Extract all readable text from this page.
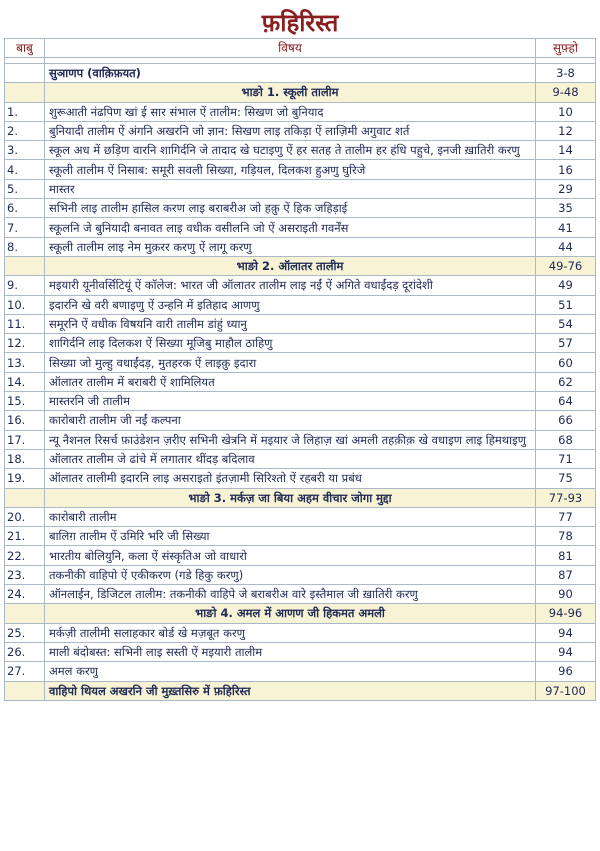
फ़हिरिस्त
बाबु	विषय	सुफ़्हो

	सुञाणप (वाक़िफ़यत)	3-8
	भाङो 1. स्कूली तालीम	9-48
1.	शुरूआती नंढपिण खां ई सार संभाल ऐं तालीम: सिखण जो बुनियाद	10
2.	बुनियादी तालीम ऐं अंगनि अखरनि जो ज्ञान: सिखण लाइ तकिड़ा ऐं लाज़िमी अगुवाट शर्त	12
3.	स्कूल अध में छड़िण वारनि शागिर्दनि जे तादाद खे घटाइणु ऐं हर सतह ते तालीम हर हंधि पहुचे, इनजी ख़ातिरी करणु	14
4.	स्कूली तालीम ऐं निसाब: समूरी सवली सिख्या, गड़ियल, दिलकश हुअणु घुरिजे	16
5.	मास्तर	29
6.	सभिनी लाइ तालीम हासिल करण लाइ बराबरीअ जो हक़ु ऐं हिक जहिड़ाई	35
7.	स्कूलनि जे बुनियादी बनावत लाइ वधीक वसीलनि जो ऐं असराइती गवर्नेंस	41
8.	स्कूली तालीम लाइ नेम मुक़रर करणु ऐं लागू करणु	44
	भाङो 2. ऑलातर तालीम	49-76
9.	मइयारी यूनीवर्सिटियूं ऐं कॉलेज: भारत जी ऑलातर तालीम लाइ नईं ऐं अगिते वधाईंदड़ दूरांदेशी	49
10.	इदारनि खे वरी बणाइणु ऐं उन्हनि में इतिहाद आणणु	51
11.	समूरनि ऐं वधीक विषयनि वारी तालीम डांहुं ध्यानु	54
12.	शागिर्दनि लाइ दिलकश ऐं सिख्या मूजिबु माहौल ठाहिणु	57
13.	सिख्या जो मुल्हु वधाईंदड़, मुतहरक ऐं लाइक़ु इदारा	60
14.	ऑलातर तालीम में बराबरी ऐं शामिलियत	62
15.	मास्तरनि जी तालीम	64
16.	कारोबारी तालीम जी नईं कल्पना	66
17.	न्यू नैशनल रिसर्च फ़ाउंडेशन ज़रीए सभिनी खेत्रनि में मइयार जे लिहाज़ खां अमली तहक़ीक़ खे वधाइण लाइ हिमथाइणु	68
18.	ऑलातर तालीम जे ढांचे में लगातार थींदड़ बदिलाव	71
19.	ऑलातर तालीमी इदारनि लाइ असराइतो इंतज़ामी सिरिश्तो ऐं रहबरी या प्रबंध	75
	भाङो 3. मर्कज़ जा बिया अहम वीचार जोगा मुद्दा	77-93
20.	कारोबारी तालीम	77
21.	बालिग़ तालीम ऐं उमिरि भरि जी सिख्या	78
22.	भारतीय बोलियुनि, कला ऐं संस्कृतिअ जो वाधारो	81
23.	तकनीकी वाहिपो ऐं एकीकरण (गडे हिकु करणु)	87
24.	ऑनलाईन, डिजिटल तालीम: तकनीकी वाहिपे जे बराबरीअ वारे इस्तैमाल जी ख़ातिरी करणु	90
	भाङो 4. अमल में आणण जी हिकमत अमली	94-96
25.	मर्कज़ी तालीमी सलाहकार बोर्ड खे मज़बूत करणु	94
26.	माली बंदोबस्त: सभिनी लाइ सस्ती ऐं मइयारी तालीम	94
27.	अमल करणु	96
	वाहिपो थियल अखरनि जी मुख़्तसिरु में फ़हिरिस्त	97-100
